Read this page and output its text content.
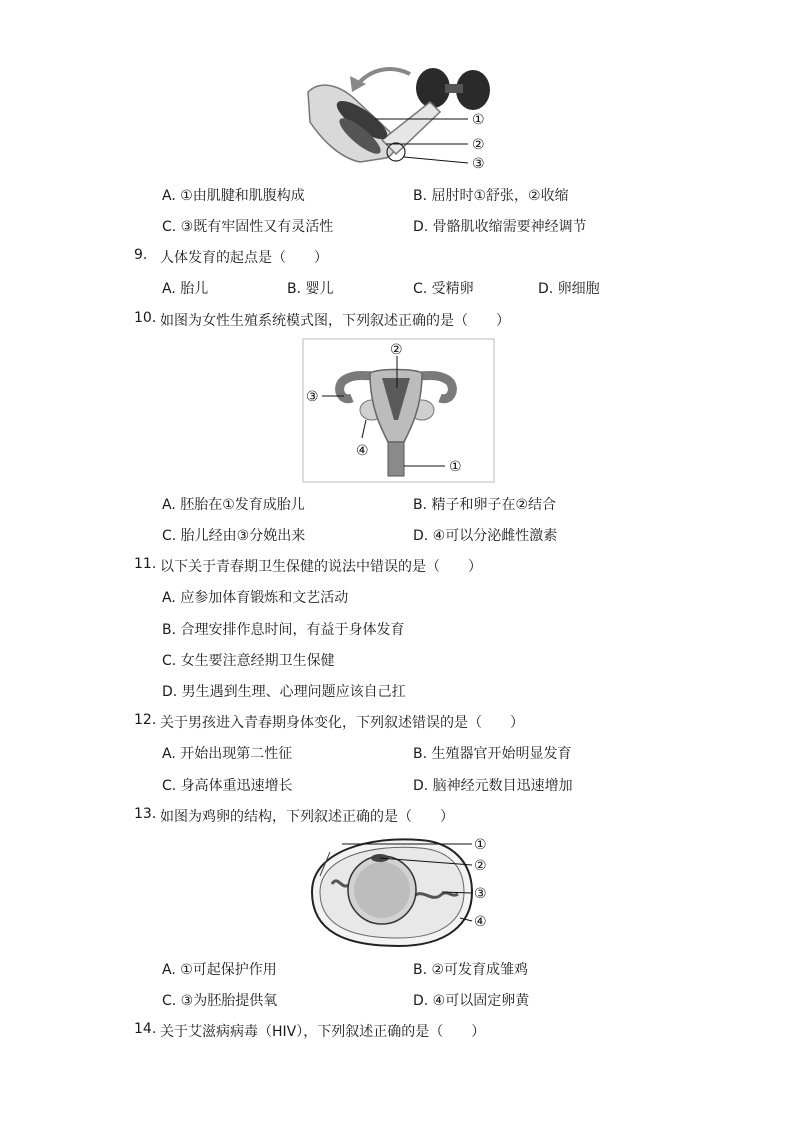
①
②
③
A. ①由肌腱和肌腹构成	B. 屈肘时①舒张，②收缩
C. ③既有牢固性又有灵活性	D. 骨骼肌收缩需要神经调节
9. 人体发育的起点是（　　）
A. 胎儿	B. 婴儿	C. 受精卵	D. 卵细胞
10. 如图为女性生殖系统模式图，下列叙述正确的是（　　）
②
③
④
①
A. 胚胎在①发育成胎儿	B. 精子和卵子在②结合
C. 胎儿经由③分娩出来	D. ④可以分泌雌性激素
11. 以下关于青春期卫生保健的说法中错误的是（　　）
A. 应参加体育锻炼和文艺活动
B. 合理安排作息时间，有益于身体发育
C. 女生要注意经期卫生保健
D. 男生遇到生理、心理问题应该自己扛
12. 关于男孩进入青春期身体变化，下列叙述错误的是（　　）
A. 开始出现第二性征	B. 生殖器官开始明显发育
C. 身高体重迅速增长	D. 脑神经元数目迅速增加
13. 如图为鸡卵的结构，下列叙述正确的是（　　）
①
②
③
④
A. ①可起保护作用	B. ②可发育成雏鸡
C. ③为胚胎提供氧	D. ④可以固定卵黄
14. 关于艾滋病病毒（HIV），下列叙述正确的是（　　）
